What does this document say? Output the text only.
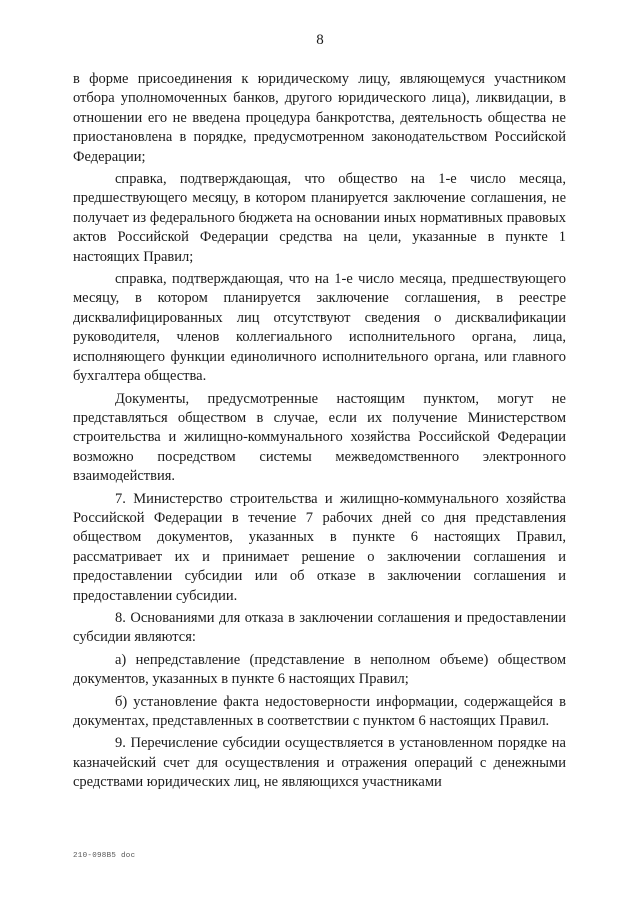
8

в форме присоединения к юридическому лицу, являющемуся участником отбора уполномоченных банков, другого юридического лица), ликвидации, в отношении его не введена процедура банкротства, деятельность общества не приостановлена в порядке, предусмотренном законодательством Российской Федерации;

справка, подтверждающая, что общество на 1-е число месяца, предшествующего месяцу, в котором планируется заключение соглашения, не получает из федерального бюджета на основании иных нормативных правовых актов Российской Федерации средства на цели, указанные в пункте 1 настоящих Правил;

справка, подтверждающая, что на 1-е число месяца, предшествующего месяцу, в котором планируется заключение соглашения, в реестре дисквалифицированных лиц отсутствуют сведения о дисквалификации руководителя, членов коллегиального исполнительного органа, лица, исполняющего функции единоличного исполнительного органа, или главного бухгалтера общества.

Документы, предусмотренные настоящим пунктом, могут не представляться обществом в случае, если их получение Министерством строительства и жилищно-коммунального хозяйства Российской Федерации возможно посредством системы межведомственного электронного взаимодействия.

7. Министерство строительства и жилищно-коммунального хозяйства Российской Федерации в течение 7 рабочих дней со дня представления обществом документов, указанных в пункте 6 настоящих Правил, рассматривает их и принимает решение о заключении соглашения и предоставлении субсидии или об отказе в заключении соглашения и предоставлении субсидии.

8. Основаниями для отказа в заключении соглашения и предоставлении субсидии являются:

а) непредставление (представление в неполном объеме) обществом документов, указанных в пункте 6 настоящих Правил;

б) установление факта недостоверности информации, содержащейся в документах, представленных в соответствии с пунктом 6 настоящих Правил.

9. Перечисление субсидии осуществляется в установленном порядке на казначейский счет для осуществления и отражения операций с денежными средствами юридических лиц, не являющихся участниками

210-098В5 doc
